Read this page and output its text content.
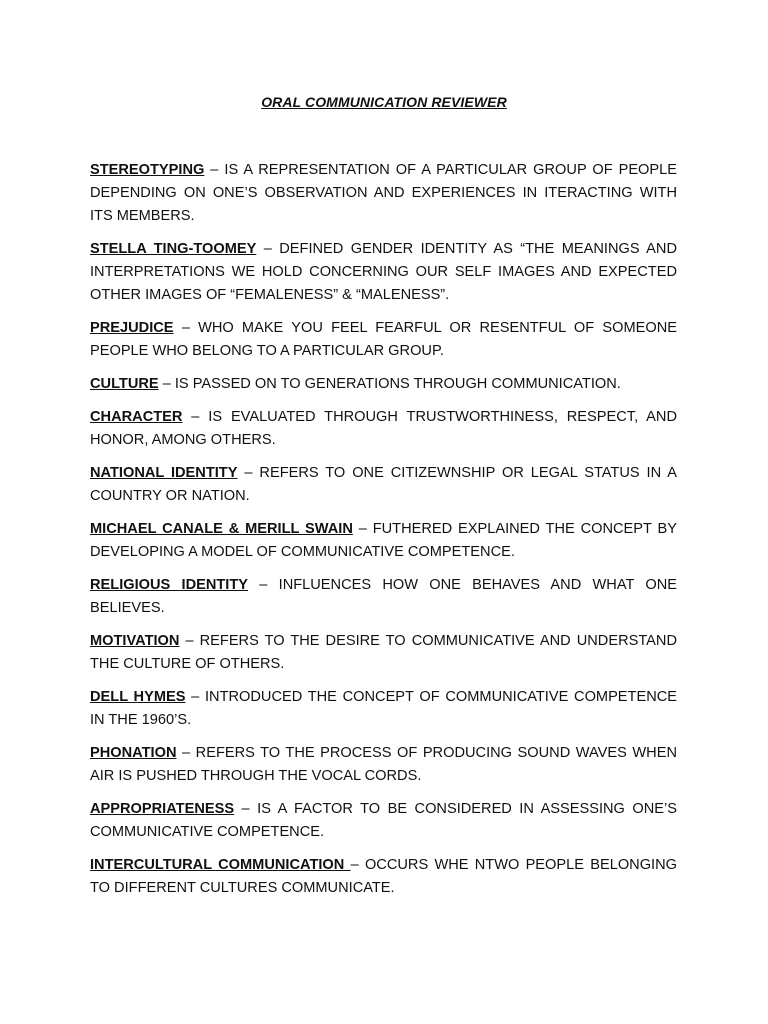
ORAL COMMUNICATION REVIEWER

STEREOTYPING – IS A REPRESENTATION OF A PARTICULAR GROUP OF PEOPLE DEPENDING ON ONE’S OBSERVATION AND EXPERIENCES IN ITERACTING WITH ITS MEMBERS.

STELLA TING-TOOMEY – DEFINED GENDER IDENTITY AS “THE MEANINGS AND INTERPRETATIONS WE HOLD CONCERNING OUR SELF IMAGES AND EXPECTED OTHER IMAGES OF “FEMALENESS” & “MALENESS”.

PREJUDICE – WHO MAKE YOU FEEL FEARFUL OR RESENTFUL OF SOMEONE PEOPLE WHO BELONG TO A PARTICULAR GROUP.

CULTURE – IS PASSED ON TO GENERATIONS THROUGH COMMUNICATION.

CHARACTER – IS EVALUATED THROUGH TRUSTWORTHINESS, RESPECT, AND HONOR, AMONG OTHERS.

NATIONAL IDENTITY – REFERS TO ONE CITIZEWNSHIP OR LEGAL STATUS IN A COUNTRY OR NATION.

MICHAEL CANALE & MERILL SWAIN – FUTHERED EXPLAINED THE CONCEPT BY DEVELOPING A MODEL OF COMMUNICATIVE COMPETENCE.

RELIGIOUS IDENTITY – INFLUENCES HOW ONE BEHAVES AND WHAT ONE BELIEVES.

MOTIVATION – REFERS TO THE DESIRE TO COMMUNICATIVE AND UNDERSTAND THE CULTURE OF OTHERS.

DELL HYMES – INTRODUCED THE CONCEPT OF COMMUNICATIVE COMPETENCE IN THE 1960’S.

PHONATION – REFERS TO THE PROCESS OF PRODUCING SOUND WAVES WHEN AIR IS PUSHED THROUGH THE VOCAL CORDS.

APPROPRIATENESS – IS A FACTOR TO BE CONSIDERED IN ASSESSING ONE’S COMMUNICATIVE COMPETENCE.

INTERCULTURAL COMMUNICATION – OCCURS WHE NTWO PEOPLE BELONGING TO DIFFERENT CULTURES COMMUNICATE.
